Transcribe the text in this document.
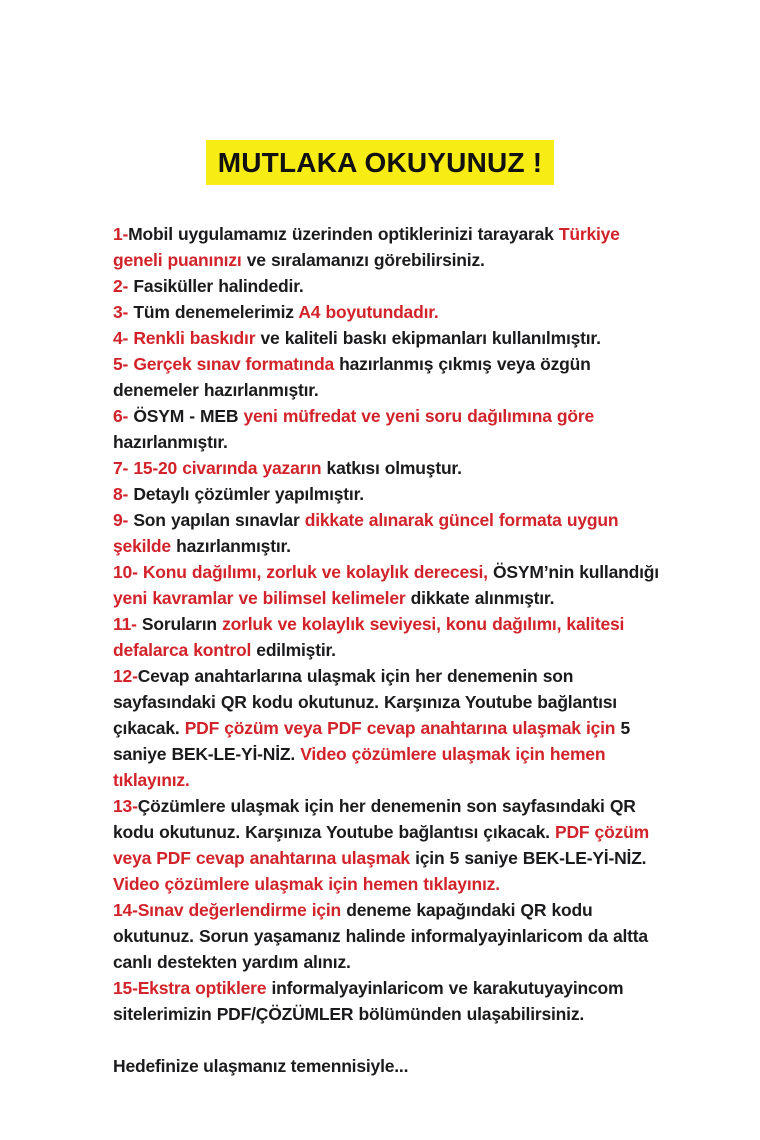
MUTLAKA OKUYUNUZ !

1-Mobil uygulamamız üzerinden optiklerinizi tarayarak Türkiye geneli puanınızı ve sıralamanızı görebilirsiniz.

2- Fasiküller halindedir.

3- Tüm denemelerimiz A4 boyutundadır.

4- Renkli baskıdır ve kaliteli baskı ekipmanları kullanılmıştır.

5- Gerçek sınav formatında hazırlanmış çıkmış veya özgün denemeler hazırlanmıştır.

6- ÖSYM - MEB yeni müfredat ve yeni soru dağılımına göre hazırlanmıştır.

7- 15-20 civarında yazarın katkısı olmuştur.

8- Detaylı çözümler yapılmıştır.

9- Son yapılan sınavlar dikkate alınarak güncel formata uygun şekilde hazırlanmıştır.

10- Konu dağılımı, zorluk ve kolaylık derecesi, ÖSYM’nin kullandığı yeni kavramlar ve bilimsel kelimeler dikkate alınmıştır.

11- Soruların zorluk ve kolaylık seviyesi, konu dağılımı, kalitesi defalarca kontrol edilmiştir.

12-Cevap anahtarlarına ulaşmak için her denemenin son sayfasındaki QR kodu okutunuz. Karşınıza Youtube bağlantısı çıkacak. PDF çözüm veya PDF cevap anahtarına ulaşmak için 5 saniye BEK-LE-Yİ-NİZ. Video çözümlere ulaşmak için hemen tıklayınız.

13-Çözümlere ulaşmak için her denemenin son sayfasındaki QR kodu okutunuz. Karşınıza Youtube bağlantısı çıkacak. PDF çözüm veya PDF cevap anahtarına ulaşmak için 5 saniye BEK-LE-Yİ-NİZ. Video çözümlere ulaşmak için hemen tıklayınız.

14-Sınav değerlendirme için deneme kapağındaki QR kodu okutunuz. Sorun yaşamanız halinde informalyayinlaricom da altta canlı destekten yardım alınız.

15-Ekstra optiklere informalyayinlaricom ve karakutuyayincom sitelerimizin PDF/ÇÖZÜMLER bölümünden ulaşabilirsiniz.

Hedefinize ulaşmanız temennisiyle...
